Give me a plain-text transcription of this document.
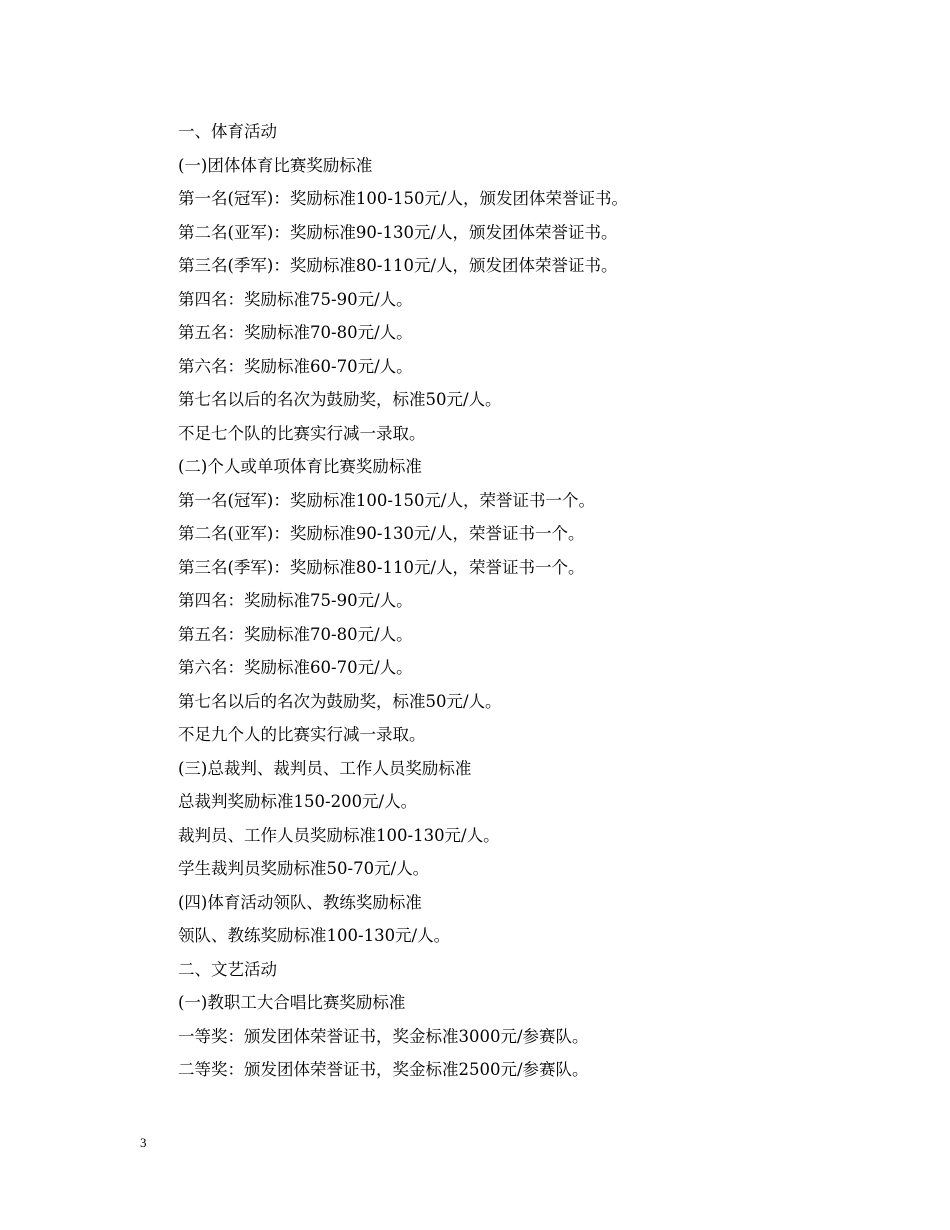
一、体育活动
(一)团体体育比赛奖励标准
第一名(冠军)：奖励标准100-150元/人，颁发团体荣誉证书。
第二名(亚军)：奖励标准90-130元/人，颁发团体荣誉证书。
第三名(季军)：奖励标准80-110元/人，颁发团体荣誉证书。
第四名：奖励标准75-90元/人。
第五名：奖励标准70-80元/人。
第六名：奖励标准60-70元/人。
第七名以后的名次为鼓励奖，标准50元/人。
不足七个队的比赛实行减一录取。
(二)个人或单项体育比赛奖励标准
第一名(冠军)：奖励标准100-150元/人，荣誉证书一个。
第二名(亚军)：奖励标准90-130元/人，荣誉证书一个。
第三名(季军)：奖励标准80-110元/人，荣誉证书一个。
第四名：奖励标准75-90元/人。
第五名：奖励标准70-80元/人。
第六名：奖励标准60-70元/人。
第七名以后的名次为鼓励奖，标准50元/人。
不足九个人的比赛实行减一录取。
(三)总裁判、裁判员、工作人员奖励标准
总裁判奖励标准150-200元/人。
裁判员、工作人员奖励标准100-130元/人。
学生裁判员奖励标准50-70元/人。
(四)体育活动领队、教练奖励标准
领队、教练奖励标准100-130元/人。
二、文艺活动
(一)教职工大合唱比赛奖励标准
一等奖：颁发团体荣誉证书，奖金标准3000元/参赛队。
二等奖：颁发团体荣誉证书，奖金标准2500元/参赛队。
3
